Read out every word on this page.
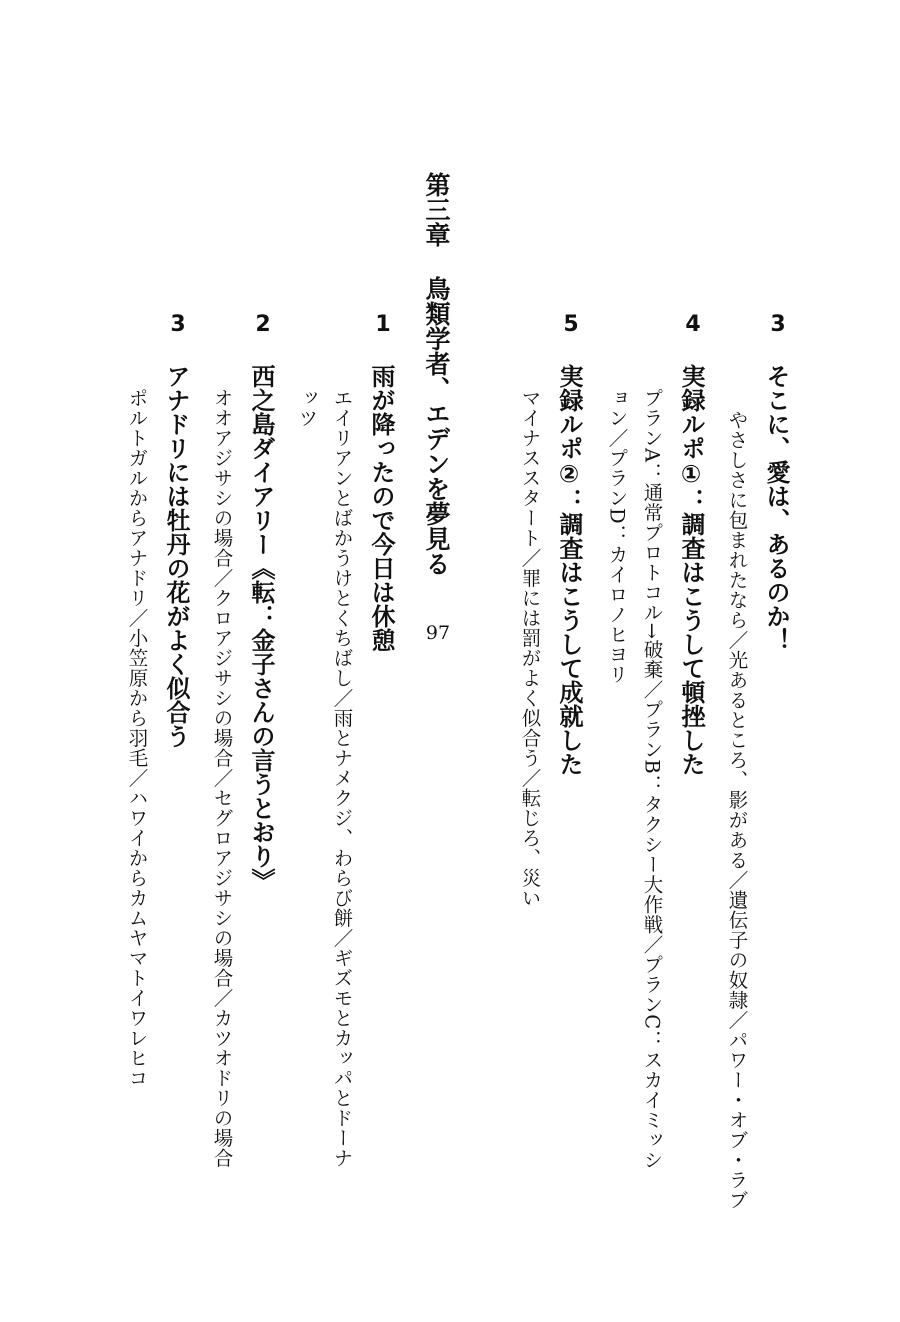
3
そこに、愛は、あるのか！
やさしさに包まれたなら／光あるところ、影がある／遺伝子の奴隷／パワー・オブ・ラブ
4
実録ルポ①：調査はこうして頓挫した
プランA：通常プロトコル→破棄／プランB：タクシー大作戦／プランC：スカイミッシ
ョン／プランD：カイロノヒヨリ
5
実録ルポ②：調査はこうして成就した
マイナススタート／罪には罰がよく似合う／転じろ、災い
第三章
鳥類学者、エデンを夢見る
97
1
雨が降ったので今日は休憩
エイリアンとばかうけとくちばし／雨とナメクジ、わらび餅／ギズモとカッパとドーナ
ッツ
2
西之島ダイアリー《転：金子さんの言うとおり》
オオアジサシの場合／クロアジサシの場合／セグロアジサシの場合／カツオドリの場合
3
アナドリには牡丹の花がよく似合う
ポルトガルからアナドリ／小笠原から羽毛／ハワイからカムヤマトイワレヒコ
